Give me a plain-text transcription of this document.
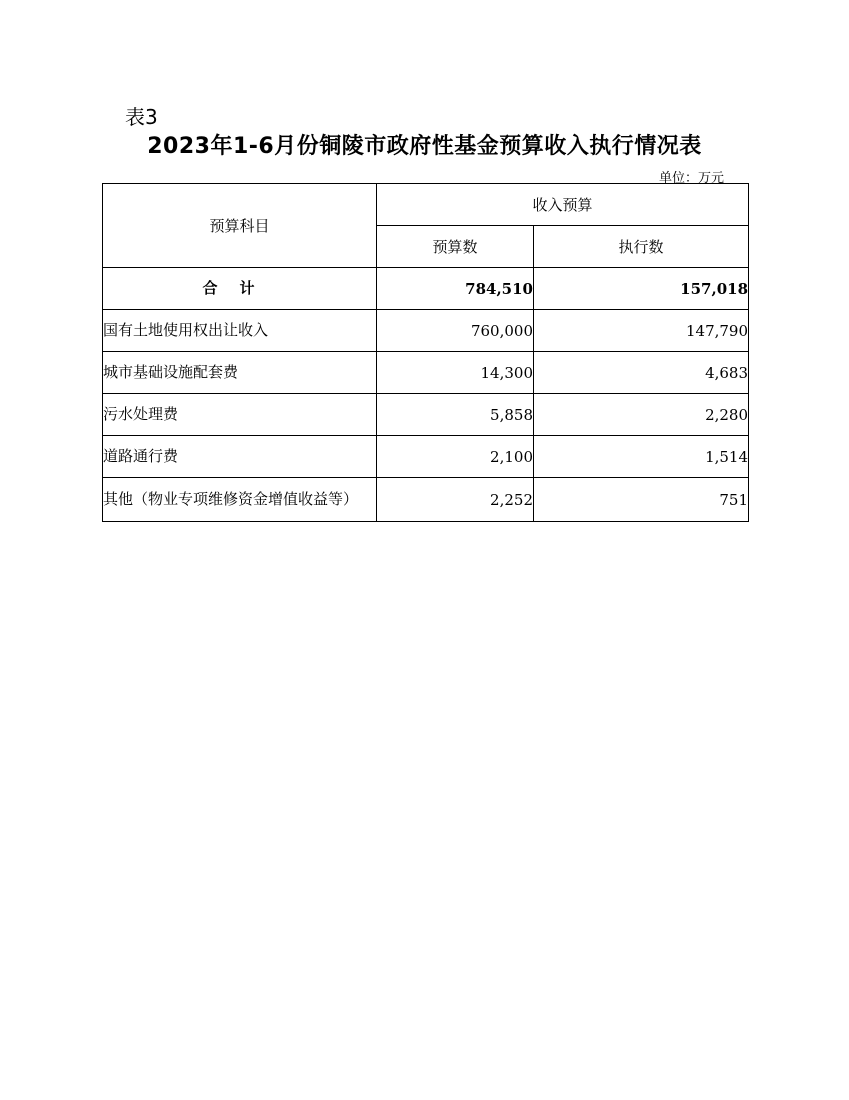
表3
2023年1-6月份铜陵市政府性基金预算收入执行情况表
单位：万元
预算科目	收入预算	
	预算数	执行数
合计	784,510	157,018
国有土地使用权出让收入	760,000	147,790
城市基础设施配套费	14,300	4,683
污水处理费	5,858	2,280
道路通行费	2,100	1,514
其他（物业专项维修资金增值收益等）	2,252	751
